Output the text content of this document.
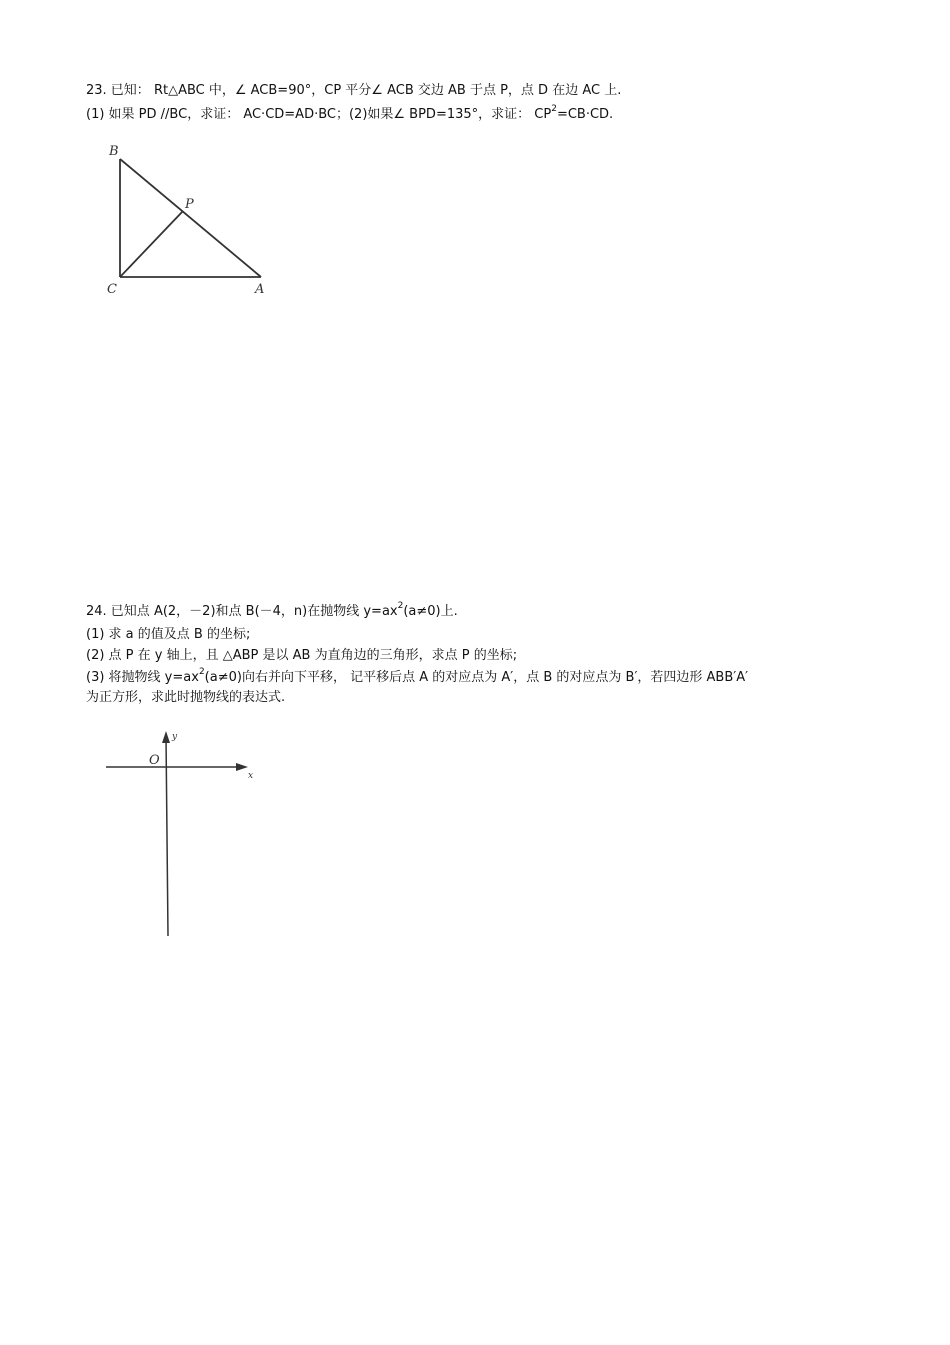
23. 已知： Rt△ABC 中，∠ ACB=90°，CP 平分∠ ACB 交边 AB 于点 P，点 D 在边 AC 上.
(1) 如果 PD //BC，求证： AC·CD=AD·BC；(2)如果∠ BPD=135°，求证： $CP^2=CB\cdot CD$.
B
P
C	A
24. 已知点 A(2，－2)和点 B(－4，n)在抛物线 $y=ax^2(a\ne 0)$上.
(1) 求 a 的值及点 B 的坐标;
(2) 点 P 在 y 轴上，且 △ABP 是以 AB 为直角边的三角形，求点 P 的坐标;
(3) 将抛物线 $y=ax^2(a\ne 0)$向右并向下平移， 记平移后点 A 的对应点为 A′，点 B 的对应点为 B′，若四边形 ABB′A′
为正方形，求此时抛物线的表达式.
O
y
x
